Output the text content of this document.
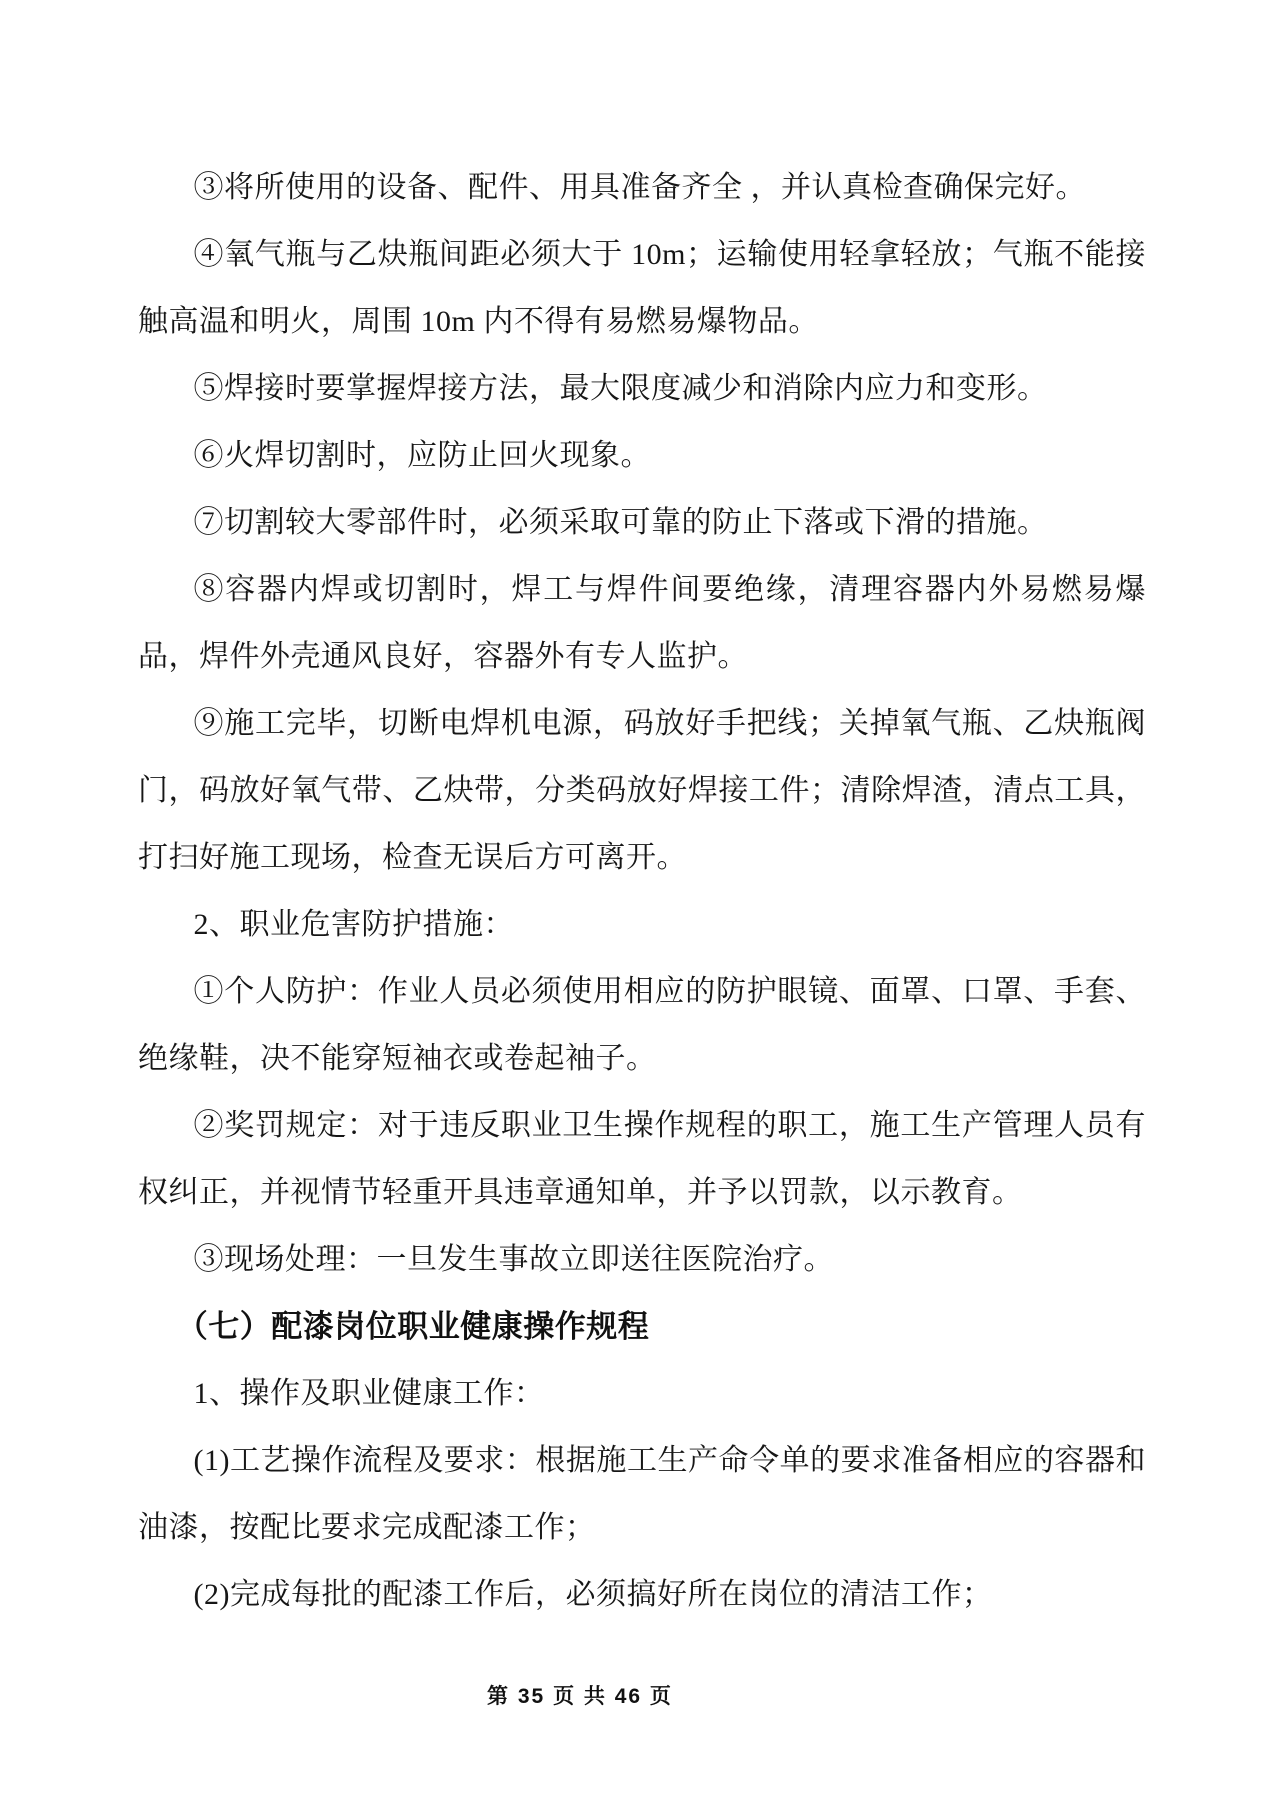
③将所使用的设备、配件、用具准备齐全 ，并认真检查确保完好。

④氧气瓶与乙炔瓶间距必须大于 10m；运输使用轻拿轻放；气瓶不能接触高温和明火，周围 10m 内不得有易燃易爆物品。

⑤焊接时要掌握焊接方法，最大限度减少和消除内应力和变形。

⑥火焊切割时，应防止回火现象。

⑦切割较大零部件时，必须采取可靠的防止下落或下滑的措施。

⑧容器内焊或切割时，焊工与焊件间要绝缘，清理容器内外易燃易爆品，焊件外壳通风良好，容器外有专人监护。

⑨施工完毕，切断电焊机电源，码放好手把线；关掉氧气瓶、乙炔瓶阀门，码放好氧气带、乙炔带，分类码放好焊接工件；清除焊渣，清点工具，打扫好施工现场，检查无误后方可离开。

2、职业危害防护措施：

①个人防护：作业人员必须使用相应的防护眼镜、面罩、口罩、手套、绝缘鞋，决不能穿短袖衣或卷起袖子。

②奖罚规定：对于违反职业卫生操作规程的职工，施工生产管理人员有权纠正，并视情节轻重开具违章通知单，并予以罚款，以示教育。

③现场处理：一旦发生事故立即送往医院治疗。

（七）配漆岗位职业健康操作规程

1、操作及职业健康工作：

(1)工艺操作流程及要求：根据施工生产命令单的要求准备相应的容器和油漆，按配比要求完成配漆工作；

(2)完成每批的配漆工作后，必须搞好所在岗位的清洁工作；

第 35 页 共 46 页
